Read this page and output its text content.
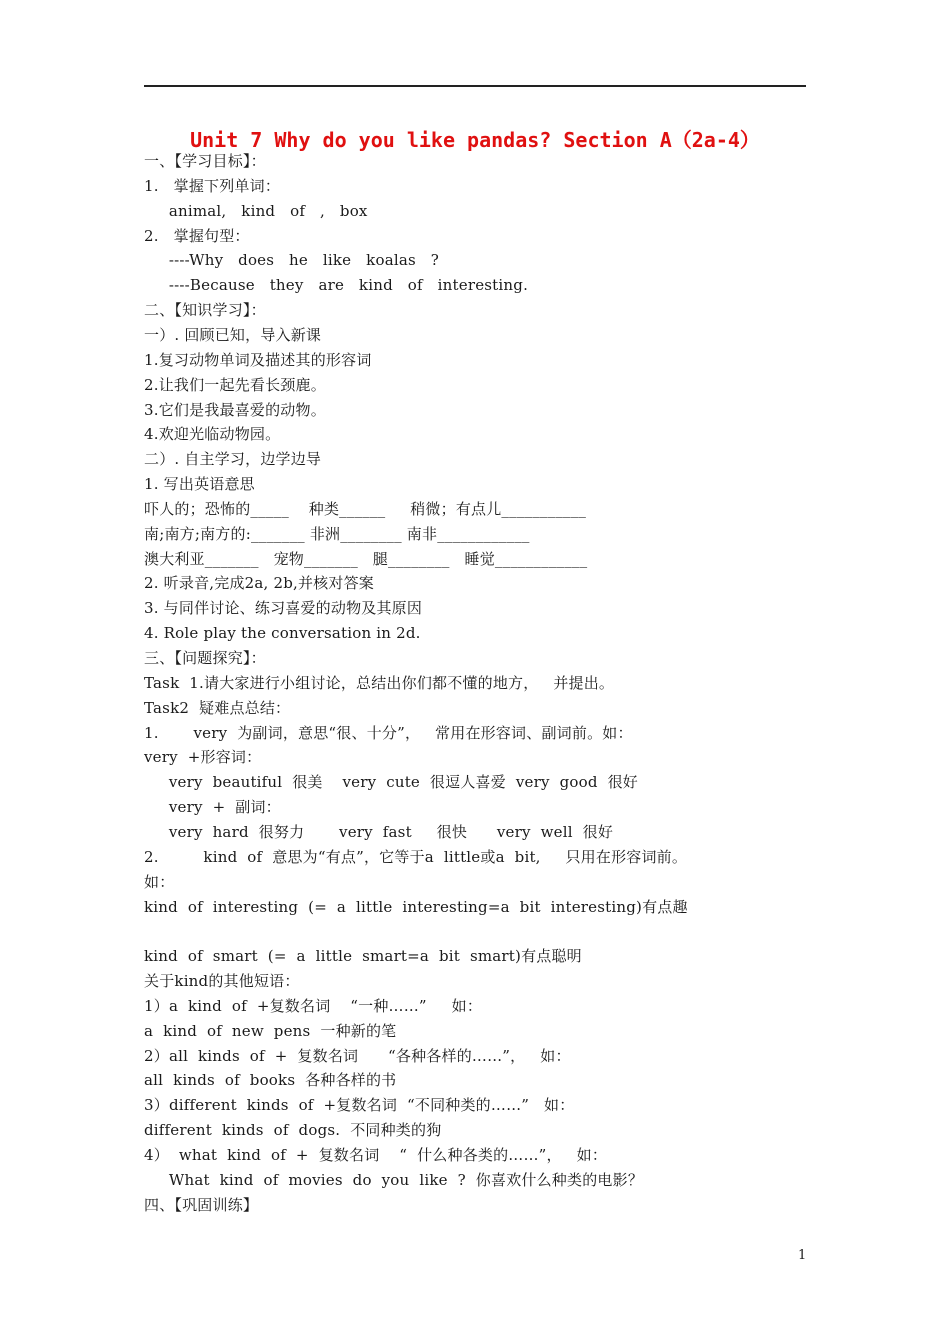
Unit 7 Why do you like pandas? Section A（2a-4）
一、【学习目标】：
1.   掌握下列单词：
animal,   kind   of   ,   box
2.   掌握句型：
----Why   does   he   like   koalas   ?
----Because   they   are   kind   of   interesting.
二、【知识学习】：
一）. 回顾已知，导入新课
1.复习动物单词及描述其的形容词
2.让我们一起先看长颈鹿。
3.它们是我最喜爱的动物。
4.欢迎光临动物园。
二）. 自主学习，边学边导
1. 写出英语意思
吓人的；恐怖的_____    种类______     稍微；有点儿___________
南;南方;南方的:_______ 非洲________ 南非____________
澳大利亚_______   宠物_______   腿________   睡觉____________
2. 听录音,完成2a, 2b,并核对答案
3. 与同伴讨论、练习喜爱的动物及其原因
4. Role play the conversation in 2d.
三、【问题探究】：
Task  1.请大家进行小组讨论，总结出你们都不懂的地方，   并提出。
Task2  疑难点总结：
1.       very  为副词，意思“很、十分”，   常用在形容词、副词前。如：
very  +形容词：
very  beautiful  很美    very  cute  很逗人喜爱  very  good  很好
very  +  副词：
very  hard  很努力       very  fast     很快      very  well  很好
2.         kind  of  意思为“有点”，它等于a  little或a  bit,     只用在形容词前。
如：
kind  of  interesting  (=  a  little  interesting=a  bit  interesting)有点趣
kind  of  smart  (=  a  little  smart=a  bit  smart)有点聪明
关于kind的其他短语：
1）a  kind  of  +复数名词    “一种……”     如：
a  kind  of  new  pens  一种新的笔
2）all  kinds  of  +  复数名词      “各种各样的……”，   如：
all  kinds  of  books  各种各样的书
3）different  kinds  of  +复数名词  “不同种类的……”   如：
different  kinds  of  dogs.  不同种类的狗
4）  what  kind  of  +  复数名词    “  什么种各类的……”，   如：
What  kind  of  movies  do  you  like  ?  你喜欢什么种类的电影？
四、【巩固训练】
1
